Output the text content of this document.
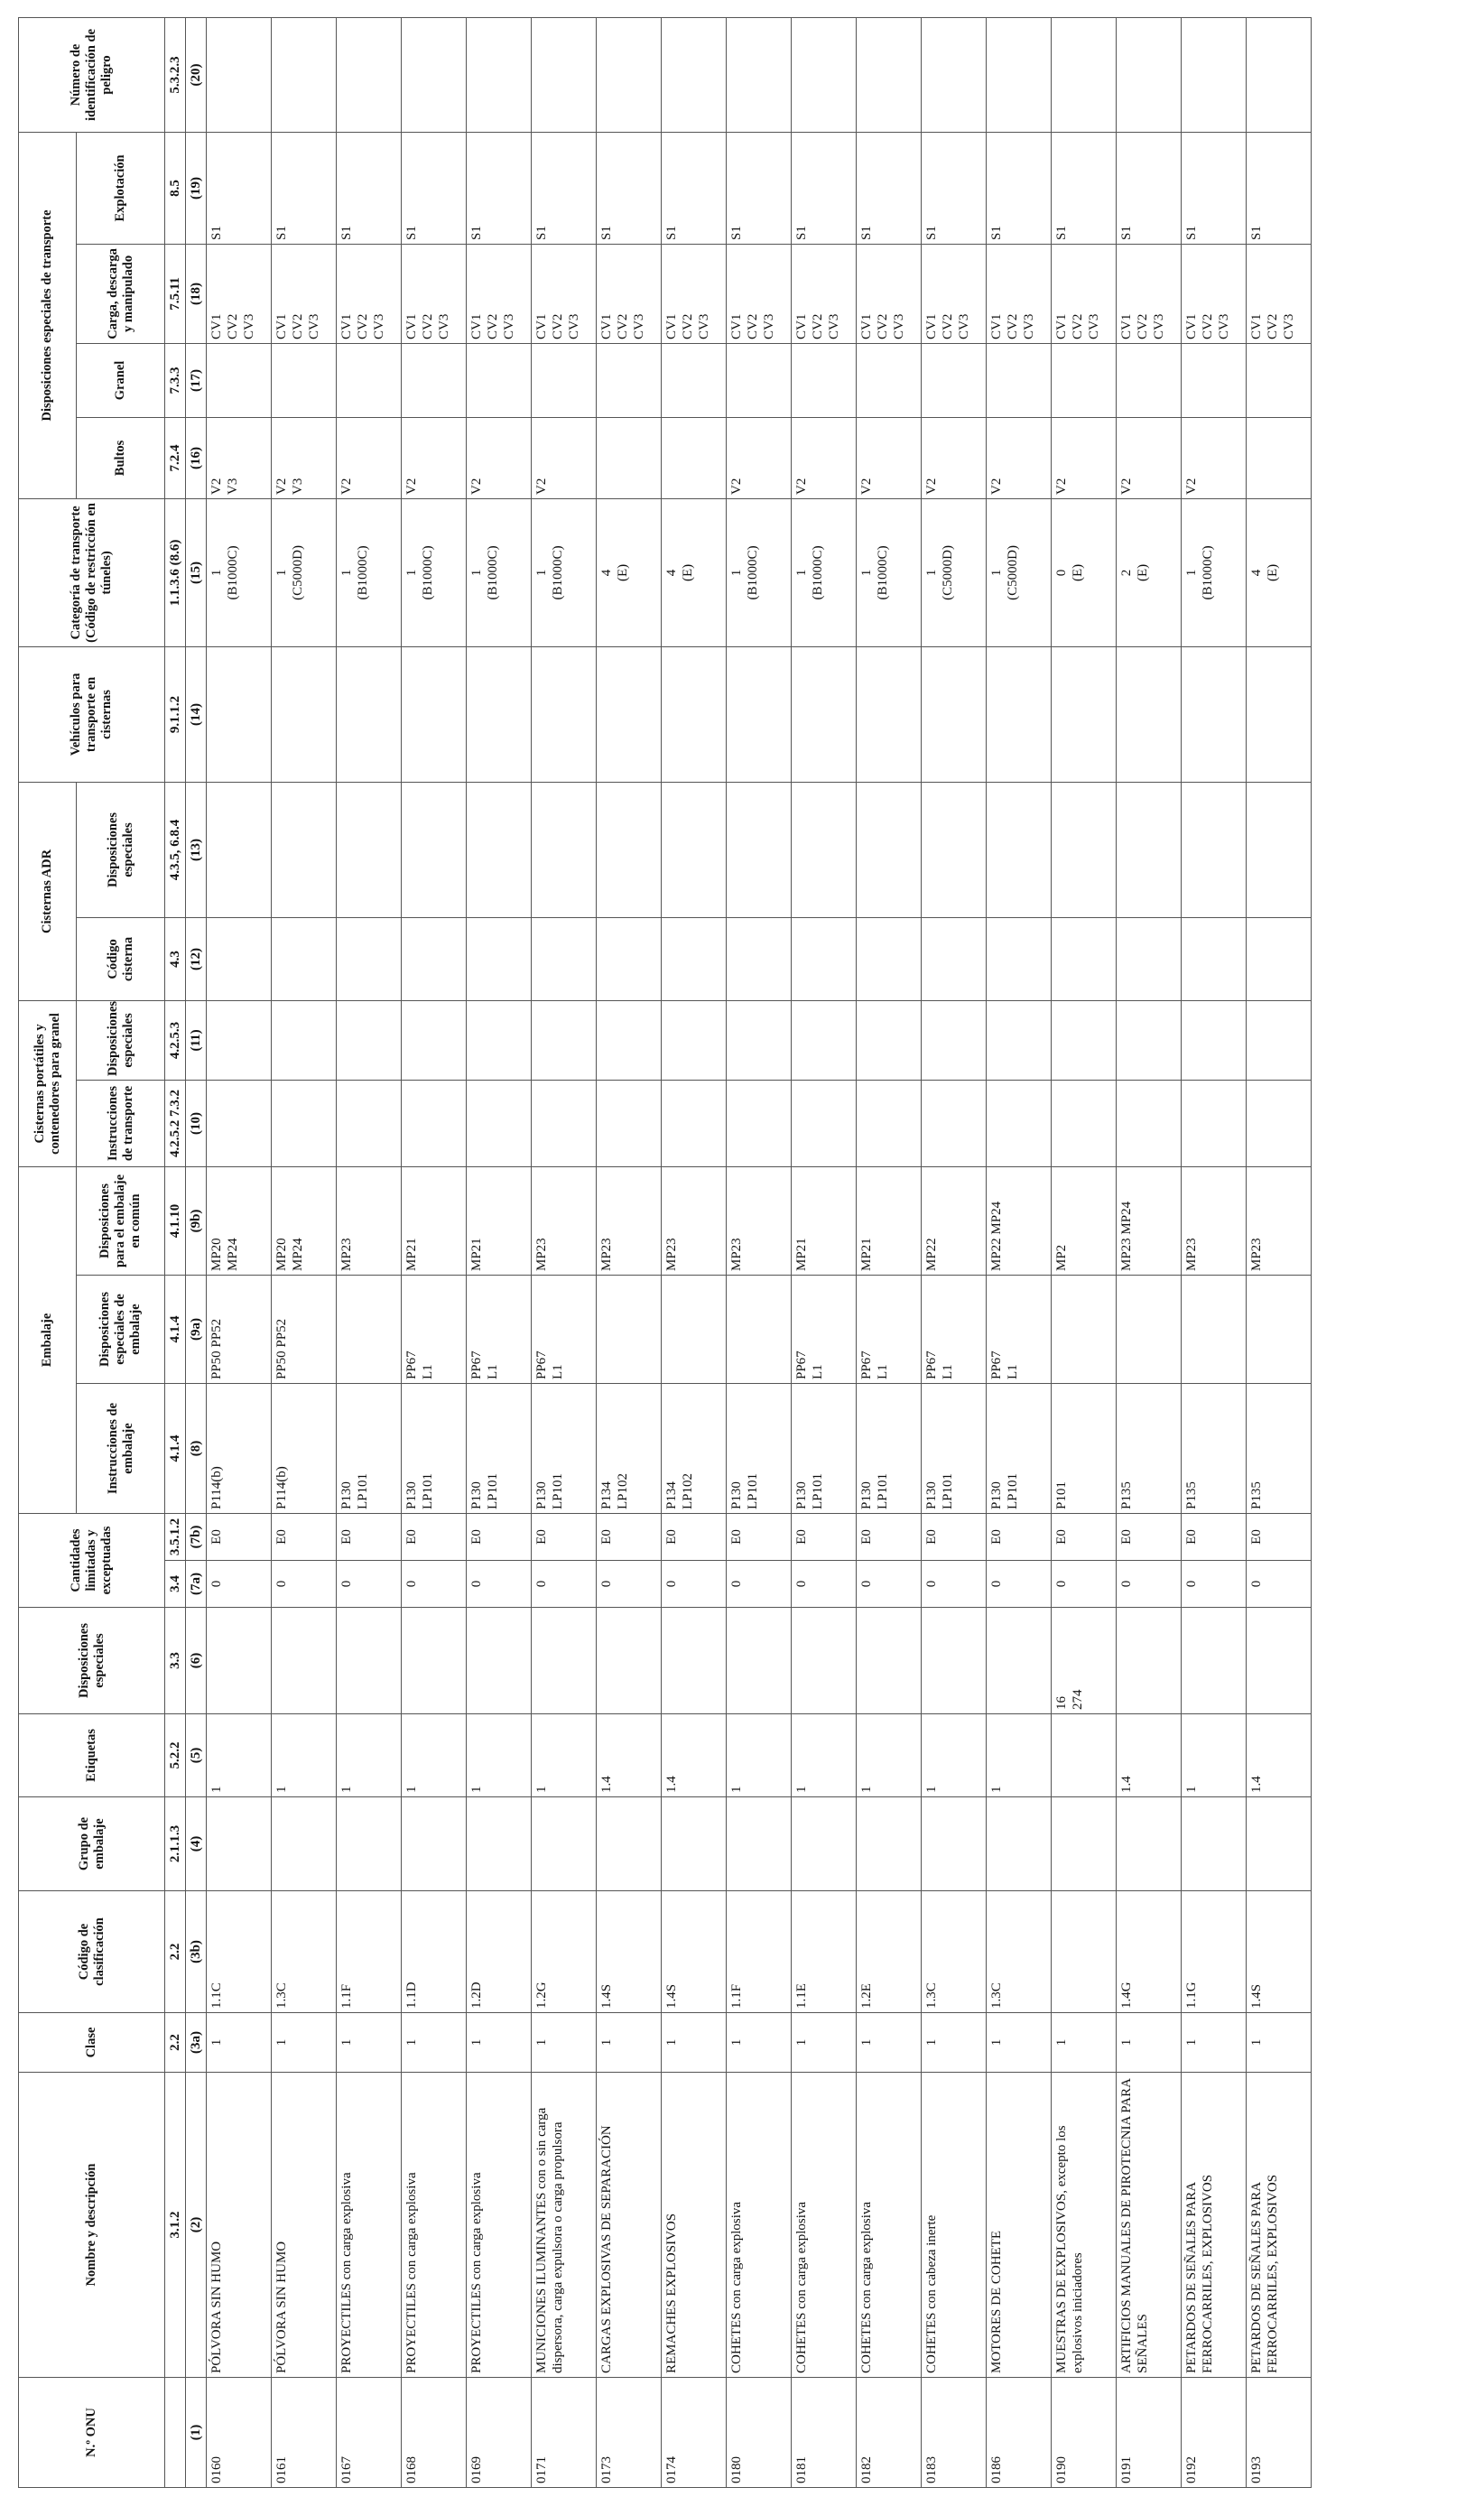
N.º ONU	Nombre y descripción	Clase	Código de clasificación	Grupo de embalaje	Etiquetas	Disposiciones especiales	Cantidades limitadas y exceptuadas		Embalaje			Cisternas portátiles y contenedores para granel		Cisternas ADR		Vehículos para transporte en cisternas	Categoría de transporte (Código de restricción en túneles)	Disposiciones especiales de transporte				Número de identificación de peligro
									Instrucciones de embalaje	Disposiciones especiales de embalaje	Disposiciones para el embalaje en común	Instrucciones de transporte	Disposiciones especiales	Código cisterna	Disposiciones especiales			Bultos	Granel	Carga, descarga y manipulado	Explotación	
	3.1.2	2.2	2.2	2.1.1.3	5.2.2	3.3	3.4	3.5.1.2	4.1.4	4.1.4	4.1.10	4.2.5.2 7.3.2	4.2.5.3	4.3	4.3.5, 6.8.4	9.1.1.2	1.1.3.6 (8.6)	7.2.4	7.3.3	7.5.11	8.5	5.3.2.3
(1)	(2)	(3a)	(3b)	(4)	(5)	(6)	(7a)	(7b)	(8)	(9a)	(9b)	(10)	(11)	(12)	(13)	(14)	(15)	(16)	(17)	(18)	(19)	(20)
0160	PÓLVORA SIN HUMO	1	1.1C		1		0	E0	P114(b)	PP50 PP52	MP20 MP24						1 (B1000C)	V2 V3		CV1 CV2 CV3	S1	
0161	PÓLVORA SIN HUMO	1	1.3C		1		0	E0	P114(b)	PP50 PP52	MP20 MP24						1 (C5000D)	V2 V3		CV1 CV2 CV3	S1	
0167	PROYECTILES con carga explosiva	1	1.1F		1		0	E0	P130 LP101		MP23						1 (B1000C)	V2		CV1 CV2 CV3	S1	
0168	PROYECTILES con carga explosiva	1	1.1D		1		0	E0	P130 LP101	PP67 L1	MP21						1 (B1000C)	V2		CV1 CV2 CV3	S1	
0169	PROYECTILES con carga explosiva	1	1.2D		1		0	E0	P130 LP101	PP67 L1	MP21						1 (B1000C)	V2		CV1 CV2 CV3	S1	
0171	MUNICIONES ILUMINANTES con o sin carga dispersora, carga expulsora o carga propulsora	1	1.2G		1		0	E0	P130 LP101	PP67 L1	MP23						1 (B1000C)	V2		CV1 CV2 CV3	S1	
0173	CARGAS EXPLOSIVAS DE SEPARACIÓN	1	1.4S		1.4		0	E0	P134 LP102		MP23						4 (E)			CV1 CV2 CV3	S1	
0174	REMACHES EXPLOSIVOS	1	1.4S		1.4		0	E0	P134 LP102		MP23						4 (E)			CV1 CV2 CV3	S1	
0180	COHETES con carga explosiva	1	1.1F		1		0	E0	P130 LP101		MP23						1 (B1000C)	V2		CV1 CV2 CV3	S1	
0181	COHETES con carga explosiva	1	1.1E		1		0	E0	P130 LP101	PP67 L1	MP21						1 (B1000C)	V2		CV1 CV2 CV3	S1	
0182	COHETES con carga explosiva	1	1.2E		1		0	E0	P130 LP101	PP67 L1	MP21						1 (B1000C)	V2		CV1 CV2 CV3	S1	
0183	COHETES con cabeza inerte	1	1.3C		1		0	E0	P130 LP101	PP67 L1	MP22						1 (C5000D)	V2		CV1 CV2 CV3	S1	
0186	MOTORES DE COHETE	1	1.3C		1		0	E0	P130 LP101	PP67 L1	MP22 MP24						1 (C5000D)	V2		CV1 CV2 CV3	S1	
0190	MUESTRAS DE EXPLOSIVOS, excepto los explosivos iniciadores	1				16 274	0	E0	P101		MP2						0 (E)	V2		CV1 CV2 CV3	S1	
0191	ARTIFICIOS MANUALES DE PIROTECNIA PARA SEÑALES	1	1.4G		1.4		0	E0	P135		MP23 MP24						2 (E)	V2		CV1 CV2 CV3	S1	
0192	PETARDOS DE SEÑALES PARA FERROCARRILES, EXPLOSIVOS	1	1.1G		1		0	E0	P135		MP23						1 (B1000C)	V2		CV1 CV2 CV3	S1	
0193	PETARDOS DE SEÑALES PARA FERROCARRILES, EXPLOSIVOS	1	1.4S		1.4		0	E0	P135		MP23						4 (E)			CV1 CV2 CV3	S1	
